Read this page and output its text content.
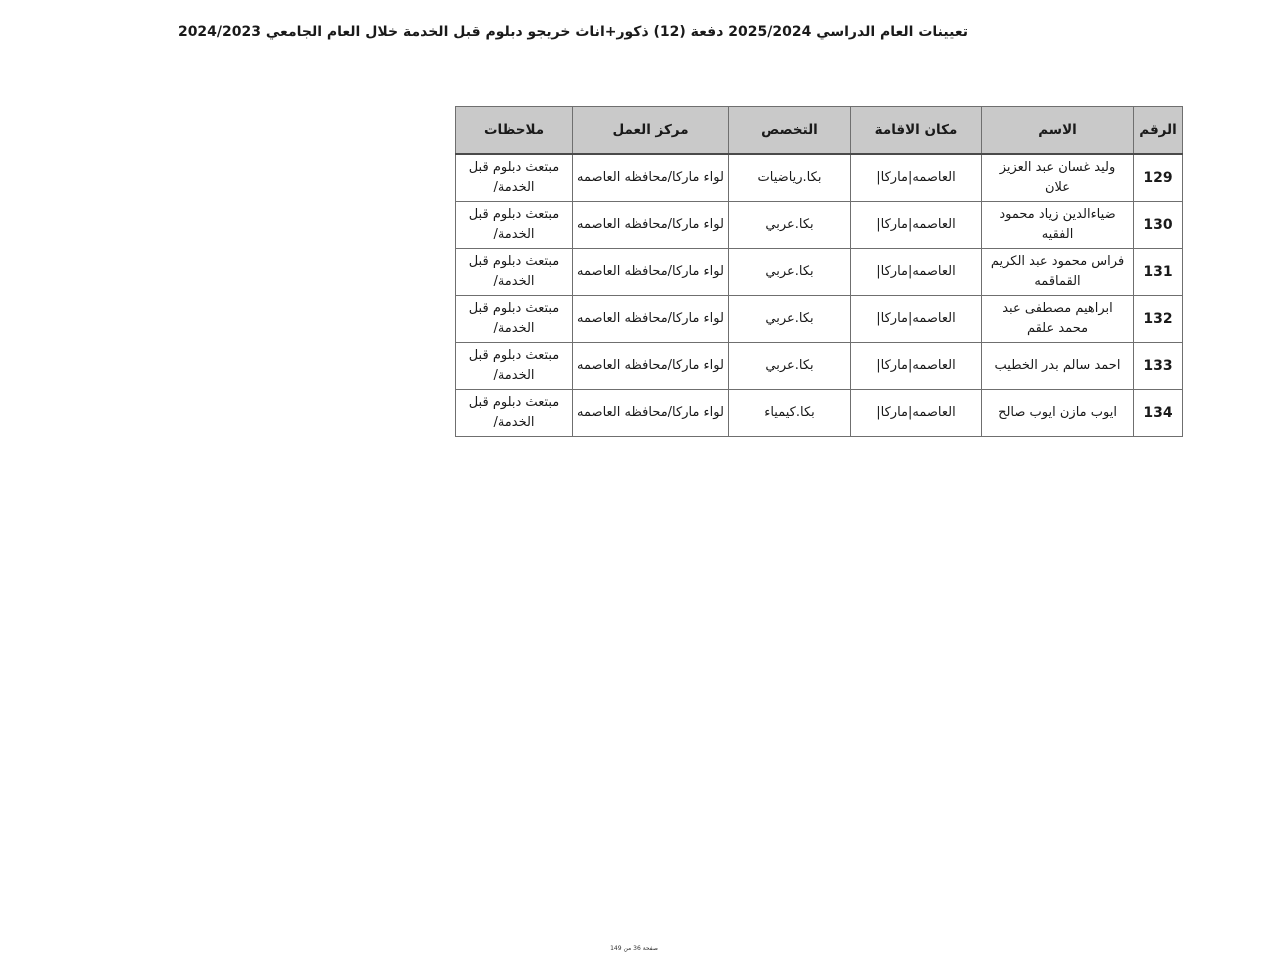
تعيينات العام الدراسي 2025/2024 دفعة (12) ذكور+اناث خريجو دبلوم قبل الخدمة خلال العام الجامعي 2024/2023
الرقم	الاسم	مكان الاقامة	التخصص	مركز العمل	ملاحظات
129	وليد غسان عبد العزيز علان	العاصمه|ماركا|	بكا.رياضيات	لواء ماركا/محافظه العاصمه	مبتعث دبلوم قبل الخدمة/
130	ضياءالدين زياد محمود الفقيه	العاصمه|ماركا|	بكا.عربي	لواء ماركا/محافظه العاصمه	مبتعث دبلوم قبل الخدمة/
131	فراس محمود عبد الكريم القماقمه	العاصمه|ماركا|	بكا.عربي	لواء ماركا/محافظه العاصمه	مبتعث دبلوم قبل الخدمة/
132	ابراهيم مصطفى عبد محمد علقم	العاصمه|ماركا|	بكا.عربي	لواء ماركا/محافظه العاصمه	مبتعث دبلوم قبل الخدمة/
133	احمد سالم بدر الخطيب	العاصمه|ماركا|	بكا.عربي	لواء ماركا/محافظه العاصمه	مبتعث دبلوم قبل الخدمة/
134	ايوب مازن ايوب صالح	العاصمه|ماركا|	بكا.كيمياء	لواء ماركا/محافظه العاصمه	مبتعث دبلوم قبل الخدمة/
صفحة 36 من 149
